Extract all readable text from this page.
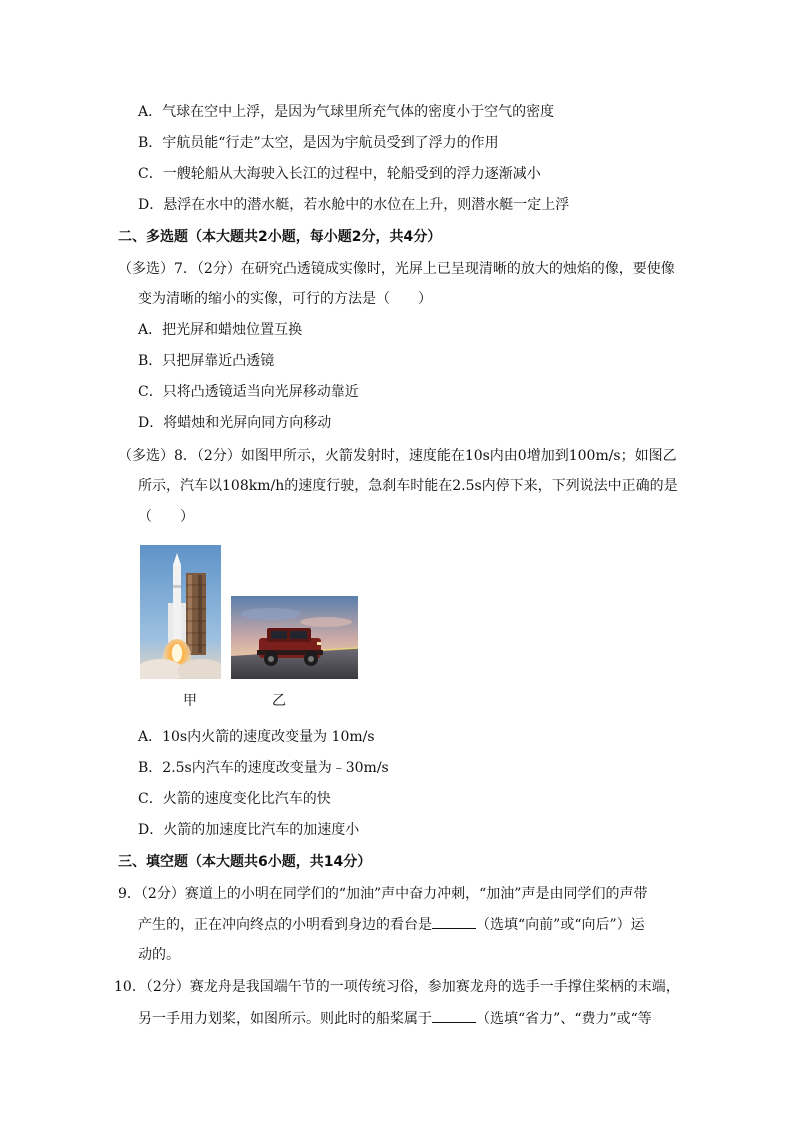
A．气球在空中上浮，是因为气球里所充气体的密度小于空气的密度
B．宇航员能“行走”太空，是因为宇航员受到了浮力的作用
C．一艘轮船从大海驶入长江的过程中，轮船受到的浮力逐渐减小
D．悬浮在水中的潜水艇，若水舱中的水位在上升，则潜水艇一定上浮
二、多选题（本大题共2小题，每小题2分，共4分）
（多选）7．（2分）在研究凸透镜成实像时，光屏上已呈现清晰的放大的烛焰的像，要使像
变为清晰的缩小的实像，可行的方法是（　　）
A．把光屏和蜡烛位置互换
B．只把屏靠近凸透镜
C．只将凸透镜适当向光屏移动靠近
D．将蜡烛和光屏向同方向移动
（多选）8．（2分）如图甲所示，火箭发射时，速度能在10s内由0增加到100m/s；如图乙
所示，汽车以108km/h的速度行驶，急刹车时能在2.5s内停下来，下列说法中正确的是
（　　）
甲	乙
A．10s内火箭的速度改变量为 10m/s
B．2.5s内汽车的速度改变量为﹣30m/s
C．火箭的速度变化比汽车的快
D．火箭的加速度比汽车的加速度小
三、填空题（本大题共6小题，共14分）
9．（2分）赛道上的小明在同学们的“加油”声中奋力冲刺，“加油”声是由同学们的声带
产生的，正在冲向终点的小明看到身边的看台是	（选填“向前”或“向后”）运
动的。
10．（2分）赛龙舟是我国端午节的一项传统习俗，参加赛龙舟的选手一手撑住桨柄的末端，
另一手用力划桨，如图所示。则此时的船桨属于	（选填“省力”、“费力”或“等
